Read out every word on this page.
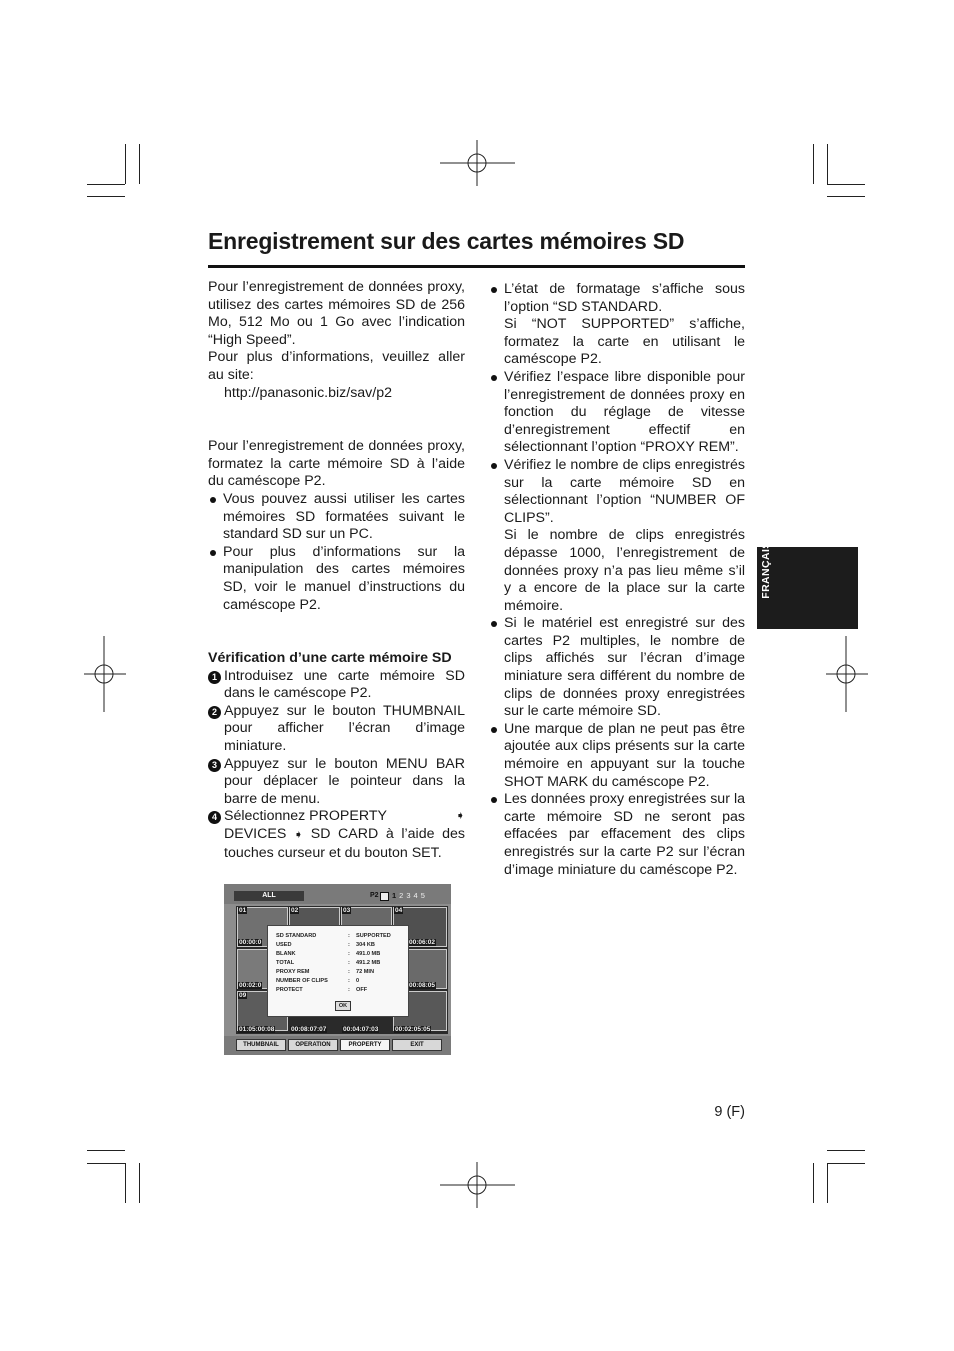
Enregistrement sur des cartes mémoires SD
FRANÇAIS

Pour l’enregistrement de données proxy, utilisez des cartes mémoires SD de 256 Mo, 512 Mo ou 1 Go avec l’indication “High Speed”.

Pour plus d’informations, veuillez aller au site:

http://panasonic.biz/sav/p2

Pour l’enregistrement de données proxy, formatez la carte mémoire SD à l’aide du caméscope P2.

Vous pouvez aussi utiliser les cartes mémoires SD formatées suivant le standard SD sur un PC.
Pour plus d’informations sur la manipulation des cartes mémoires SD, voir le manuel d’instructions du caméscope P2.

Vérification d’une carte mémoire SD

1 Introduisez une carte mémoire SD dans le caméscope P2.
2 Appuyez sur le bouton THUMBNAIL pour afficher l’écran d’image miniature.
3 Appuyez sur le bouton MENU BAR pour déplacer le pointeur dans la barre de menu.
4 Sélectionnez PROPERTY	➧
DEVICES ➧ SD CARD à l’aide des touches curseur et du bouton SET.
L’état de formatage s’affiche sous l’option “SD STANDARD.

Si “NOT SUPPORTED” s’affiche, formatez la carte en utilisant le caméscope P2.

Vérifiez l’espace libre disponible pour l’enregistrement de données proxy en fonction du réglage de vitesse d’enregistrement effectif en sélectionnant l’option “PROXY REM”.
Vérifiez le nombre de clips enregistrés sur la carte mémoire SD en sélectionnant l’option “NUMBER OF CLIPS”.

Si le nombre de clips enregistrés dépasse 1000, l’enregistrement de données proxy n’a pas lieu même s’il y a encore de la place sur la carte mémoire.

Si le matériel est enregistré sur des cartes P2 multiples, le nombre de clips affichés sur l’écran d’image miniature sera différent du nombre de clips de données proxy enregistrées sur le carte mémoire SD.
Une marque de plan ne peut pas être ajoutée aux clips présents sur la carte mémoire en appuyant sur la touche SHOT MARK du caméscope P2.
Les données proxy enregistrées sur la carte mémoire SD ne seront pas effacées par effacement des clips enregistrés sur la carte P2 sur l’écran d’image miniature du caméscope P2.
ALL	P2 12345
01	02	03	04
09
00:00:0
00:02:0
00:06:02
00:08:05
01:05:00:08	00:08:07:07	00:04:07:03	00:02:05:05
SD STANDARD	: SUPPORTED
USED	: 304 KB
BLANK	: 491.0 MB
TOTAL	: 491.2 MB
PROXY REM	: 72 MIN
NUMBER OF CLIPS	: 0
PROTECT	: OFF
OK
THUMBNAIL	OPERATION	PROPERTY	EXIT
9 (F)
